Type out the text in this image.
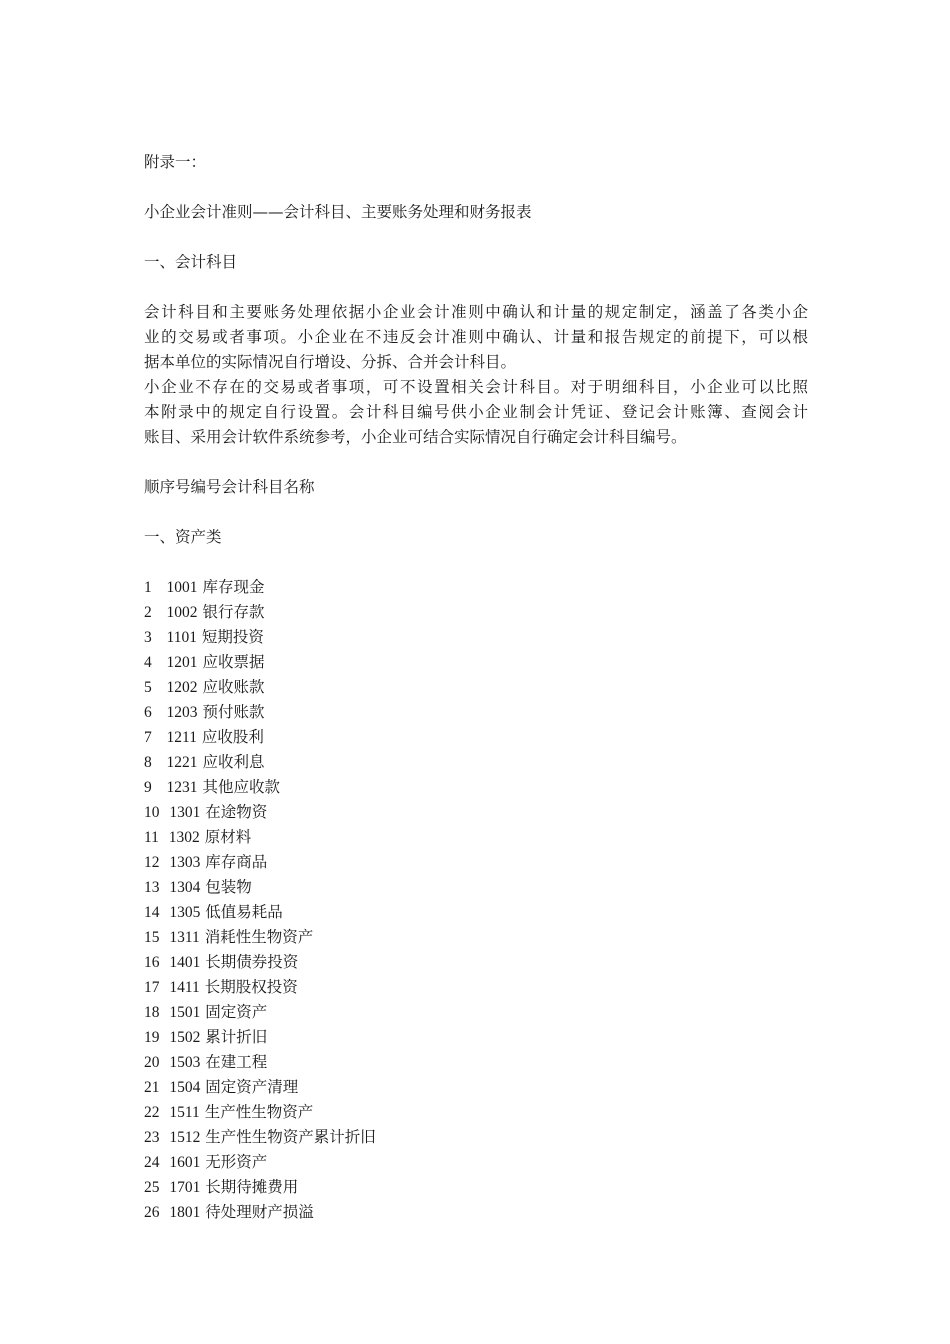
附录一：

小企业会计准则——会计科目、主要账务处理和财务报表

一、会计科目

会计科目和主要账务处理依据小企业会计准则中确认和计量的规定制定，涵盖了各类小企
业的交易或者事项。小企业在不违反会计准则中确认、计量和报告规定的前提下，可以根
据本单位的实际情况自行增设、分拆、合并会计科目。
小企业不存在的交易或者事项，可不设置相关会计科目。对于明细科目，小企业可以比照
本附录中的规定自行设置。会计科目编号供小企业制会计凭证、登记会计账簿、查阅会计
账目、采用会计软件系统参考，小企业可结合实际情况自行确定会计科目编号。

顺序号编号会计科目名称

一、资产类

1 1001 库存现金

2 1002 银行存款

3 1101 短期投资

4 1201 应收票据

5 1202 应收账款

6 1203 预付账款

7 1211 应收股利

8 1221 应收利息

9 1231 其他应收款

10 1301 在途物资

11 1302 原材料

12 1303 库存商品

13 1304 包装物

14 1305 低值易耗品

15 1311 消耗性生物资产

16 1401 长期债券投资

17 1411 长期股权投资

18 1501 固定资产

19 1502 累计折旧

20 1503 在建工程

21 1504 固定资产清理

22 1511 生产性生物资产

23 1512 生产性生物资产累计折旧

24 1601 无形资产

25 1701 长期待摊费用

26 1801 待处理财产损溢
